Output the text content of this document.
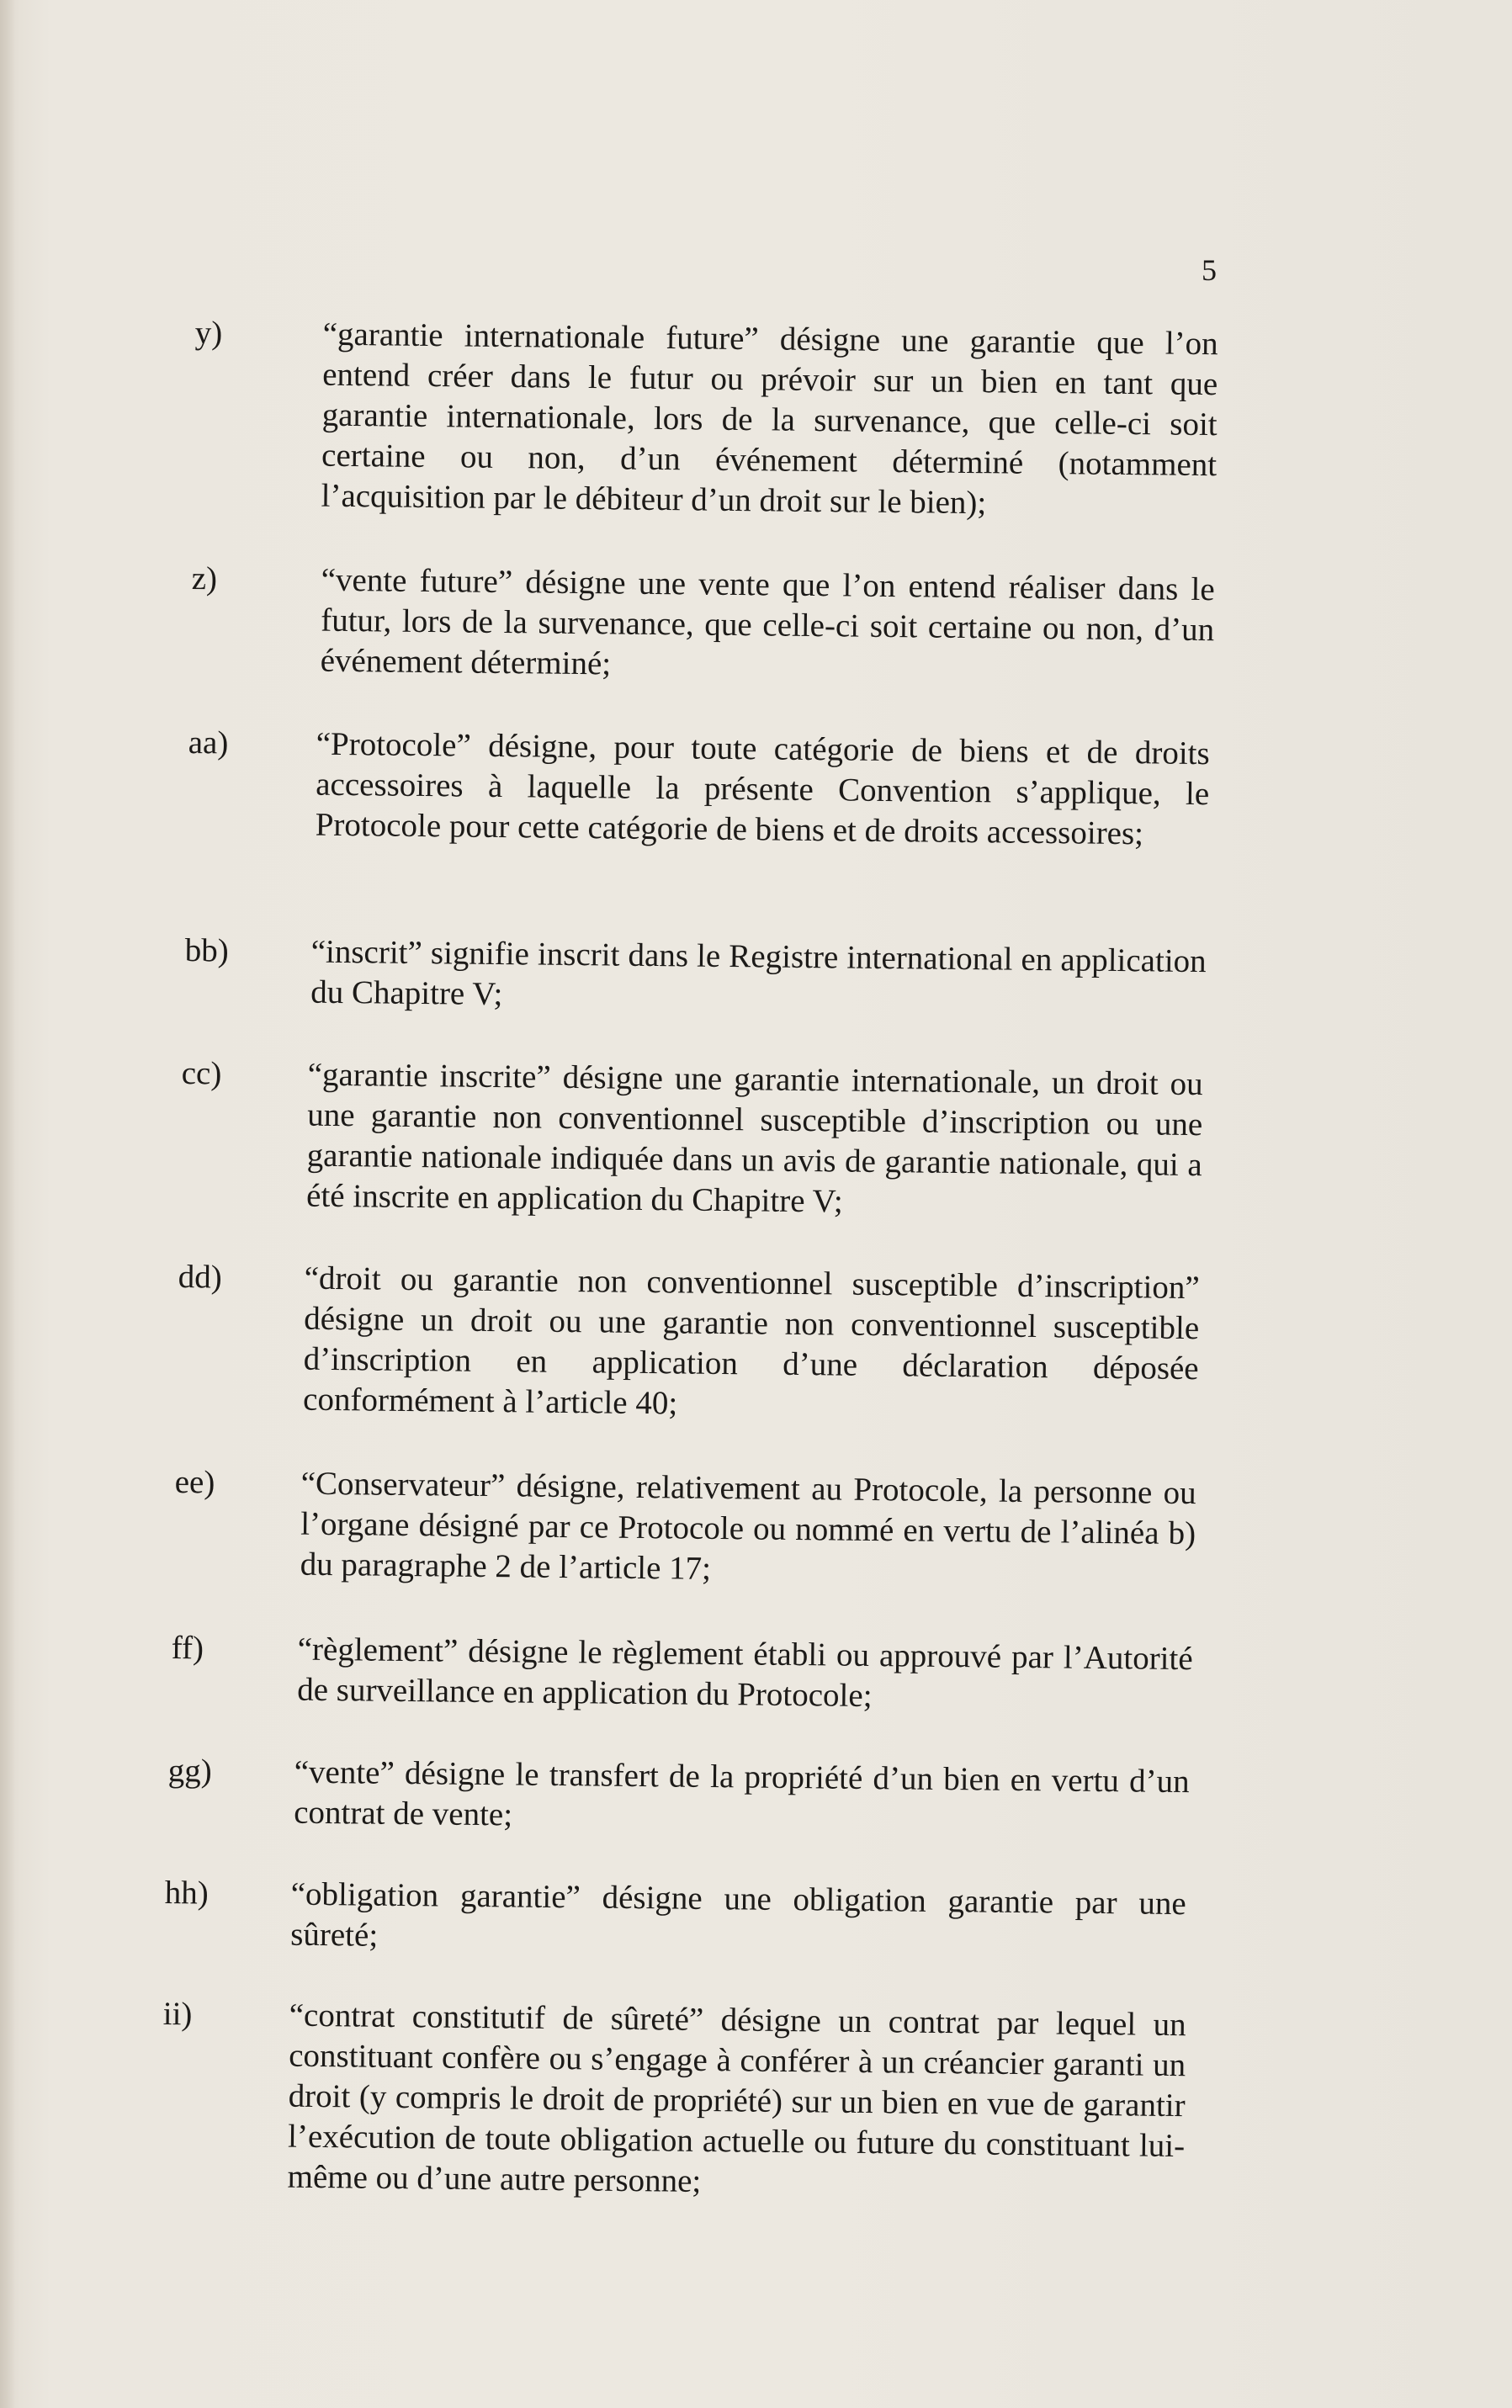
5
y)	“garantie internationale future” désigne une garantie que l’on entend créer dans le futur ou prévoir sur un bien en tant que garantie internationale, lors de la survenance, que celle-ci soit certaine ou non, d’un événement déterminé (notamment l’acquisition par le débiteur d’un droit sur le bien);
z)	“vente future” désigne une vente que l’on entend réaliser dans le futur, lors de la survenance, que celle-ci soit certaine ou non, d’un événement déterminé;
aa)	“Protocole” désigne, pour toute catégorie de biens et de droits accessoires à laquelle la présente Convention s’applique, le Protocole pour cette catégorie de biens et de droits accessoires;
bb)	“inscrit” signifie inscrit dans le Registre international en application du Chapitre V;
cc)	“garantie inscrite” désigne une garantie internationale, un droit ou une garantie non conventionnel susceptible d’inscription ou une garantie nationale indiquée dans un avis de garantie nationale, qui a été inscrite en application du Chapitre V;
dd)	“droit ou garantie non conventionnel susceptible d’inscription” désigne un droit ou une garantie non conventionnel susceptible d’inscription en application d’une déclaration déposée conformément à l’article 40;
ee)	“Conservateur” désigne, relativement au Protocole, la personne ou l’organe désigné par ce Protocole ou nommé en vertu de l’alinéa b) du paragraphe 2 de l’article 17;
ff)	“règlement” désigne le règlement établi ou approuvé par l’Autorité de surveillance en application du Protocole;
gg)	“vente” désigne le transfert de la propriété d’un bien en vertu d’un contrat de vente;
hh)	“obligation garantie” désigne une obligation garantie par une sûreté;
ii)	“contrat constitutif de sûreté” désigne un contrat par lequel un constituant confère ou s’engage à conférer à un créancier garanti un droit (y compris le droit de propriété) sur un bien en vue de garantir l’exécution de toute obligation actuelle ou future du constituant lui-même ou d’une autre personne;
